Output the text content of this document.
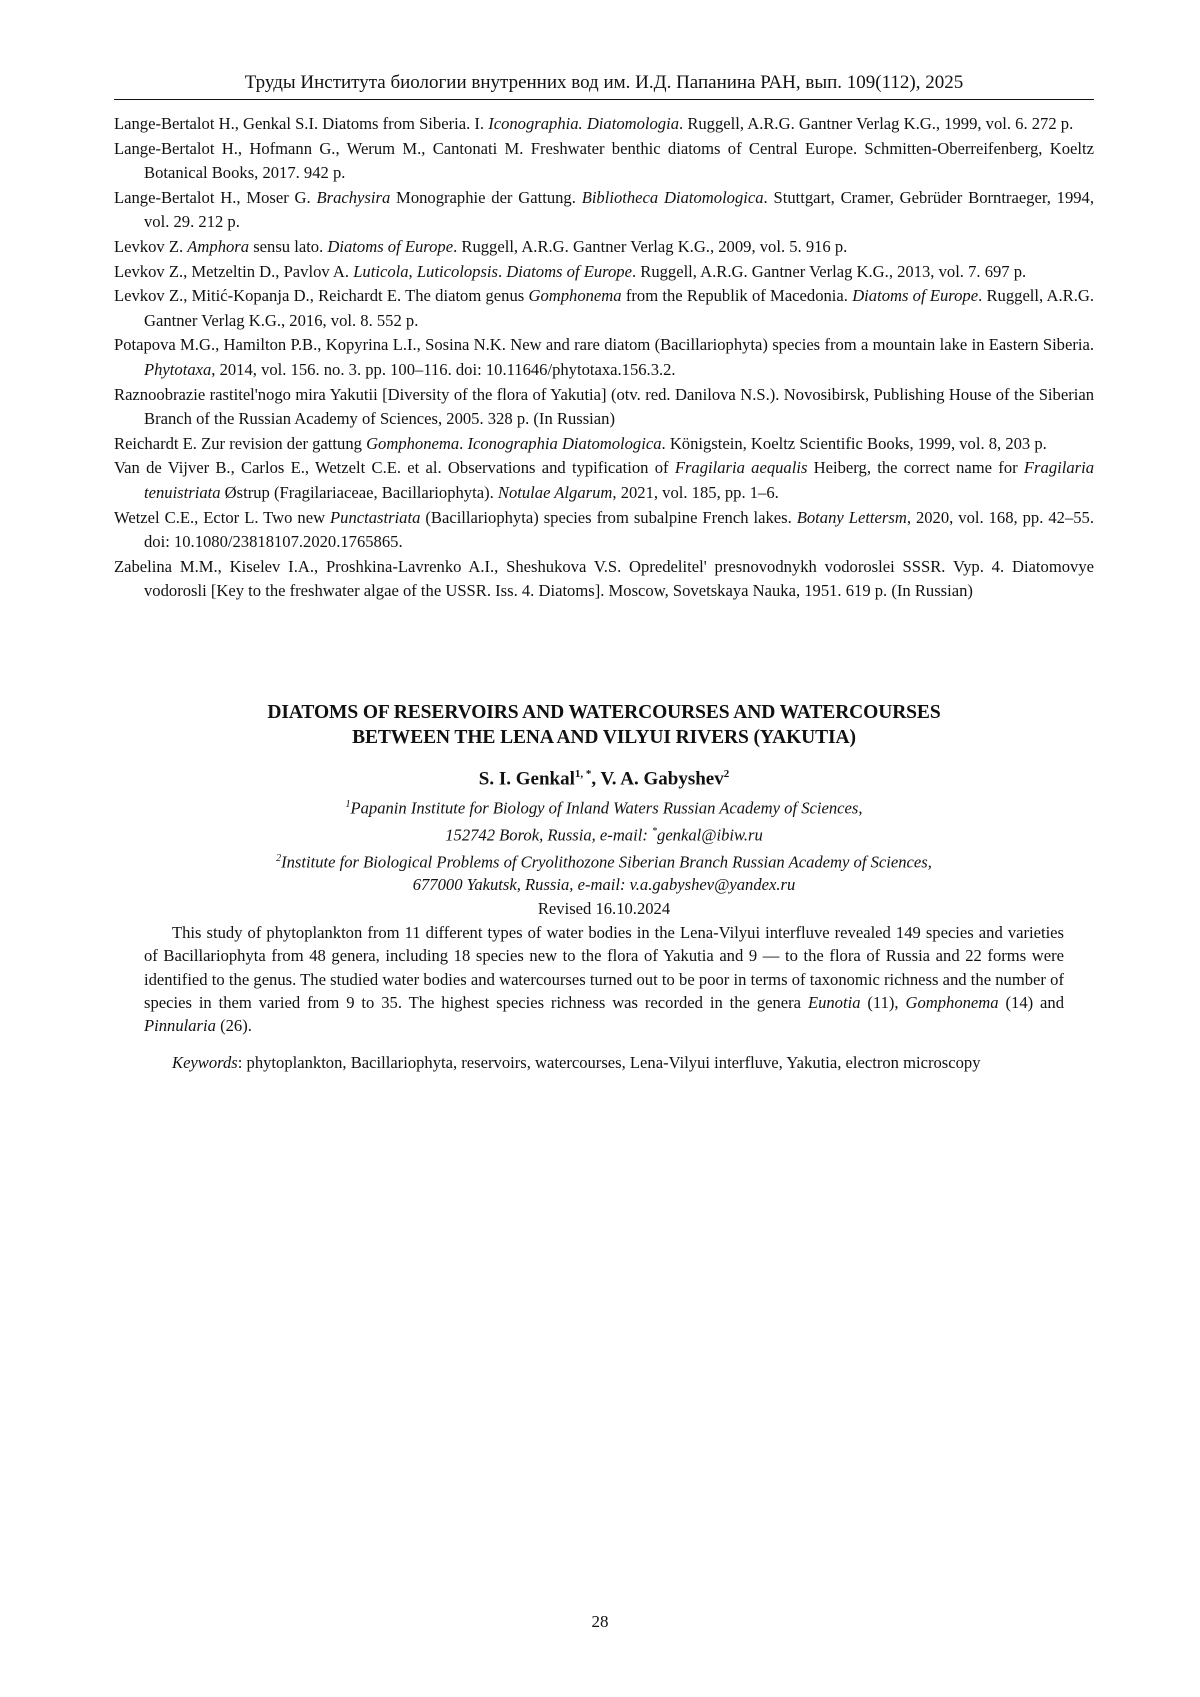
Труды Института биологии внутренних вод им. И.Д. Папанина РАН, вып. 109(112), 2025
Lange-Bertalot H., Genkal S.I. Diatoms from Siberia. I. Iconographia. Diatomologia. Ruggell, A.R.G. Gantner Verlag K.G., 1999, vol. 6. 272 p.
Lange-Bertalot H., Hofmann G., Werum M., Cantonati M. Freshwater benthic diatoms of Central Europe. Schmitten-Oberreifenberg, Koeltz Botanical Books, 2017. 942 p.
Lange-Bertalot H., Moser G. Brachysira Monographie der Gattung. Bibliotheca Diatomologica. Stuttgart, Cramer, Gebrüder Borntraeger, 1994, vol. 29. 212 p.
Levkov Z. Amphora sensu lato. Diatoms of Europe. Ruggell, A.R.G. Gantner Verlag K.G., 2009, vol. 5. 916 p.
Levkov Z., Metzeltin D., Pavlov A. Luticola, Luticolopsis. Diatoms of Europe. Ruggell, A.R.G. Gantner Verlag K.G., 2013, vol. 7. 697 p.
Levkov Z., Mitić-Kopanja D., Reichardt E. The diatom genus Gomphonema from the Republik of Macedonia. Diatoms of Europe. Ruggell, A.R.G. Gantner Verlag K.G., 2016, vol. 8. 552 p.
Potapova M.G., Hamilton P.B., Kopyrina L.I., Sosina N.K. New and rare diatom (Bacillariophyta) species from a mountain lake in Eastern Siberia. Phytotaxa, 2014, vol. 156. no. 3. pp. 100–116. doi: 10.11646/phytotaxa.156.3.2.
Raznoobrazie rastitel'nogo mira Yakutii [Diversity of the flora of Yakutia] (otv. red. Danilova N.S.). Novosibirsk, Publishing House of the Siberian Branch of the Russian Academy of Sciences, 2005. 328 p. (In Russian)
Reichardt E. Zur revision der gattung Gomphonema. Iconographia Diatomologica. Königstein, Koeltz Scientific Books, 1999, vol. 8, 203 p.
Van de Vijver B., Carlos E., Wetzelt C.E. et al. Observations and typification of Fragilaria aequalis Heiberg, the correct name for Fragilaria tenuistriata Østrup (Fragilariaceae, Bacillariophyta). Notulae Algarum, 2021, vol. 185, pp. 1–6.
Wetzel C.E., Ector L. Two new Punctastriata (Bacillariophyta) species from subalpine French lakes. Botany Lettersm, 2020, vol. 168, pp. 42–55. doi: 10.1080/23818107.2020.1765865.
Zabelina M.M., Kiselev I.A., Proshkina-Lavrenko A.I., Sheshukova V.S. Opredelitel' presnovodnykh vodoroslei SSSR. Vyp. 4. Diatomovye vodorosli [Key to the freshwater algae of the USSR. Iss. 4. Diatoms]. Moscow, Sovetskaya Nauka, 1951. 619 p. (In Russian)
DIATOMS OF RESERVOIRS AND WATERCOURSES AND WATERCOURSES
BETWEEN THE LENA AND VILYUI RIVERS (YAKUTIA)
S. I. Genkal$^{1, *}$, V. A. Gabyshev$^2$
$^1$Papanin Institute for Biology of Inland Waters Russian Academy of Sciences,
152742 Borok, Russia, e-mail: *genkal@ibiw.ru
$^2$Institute for Biological Problems of Cryolithozone Siberian Branch Russian Academy of Sciences,
677000 Yakutsk, Russia, e-mail: v.a.gabyshev@yandex.ru
Revised 16.10.2024

This study of phytoplankton from 11 different types of water bodies in the Lena-Vilyui interfluve revealed 149 species and varieties of Bacillariophyta from 48 genera, including 18 species new to the flora of Yakutia and 9 — to the flora of Russia and 22 forms were identified to the genus. The studied water bodies and watercourses turned out to be poor in terms of taxonomic richness and the number of species in them varied from 9 to 35. The highest species richness was recorded in the genera Eunotia (11), Gomphonema (14) and Pinnularia (26).

Keywords: phytoplankton, Bacillariophyta, reservoirs, watercourses, Lena-Vilyui interfluve, Yakutia, electron microscopy

28
